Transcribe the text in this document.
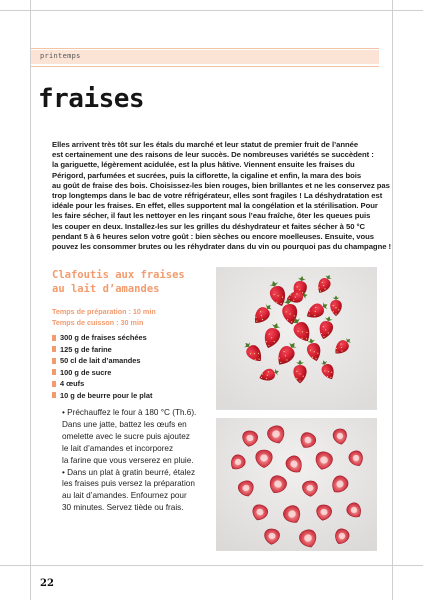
printemps
fraises
Elles arrivent très tôt sur les étals du marché et leur statut de premier fruit de l’année
est certainement une des raisons de leur succès. De nombreuses variétés se succèdent :
la gariguette, légèrement acidulée, est la plus hâtive. Viennent ensuite les fraises du
Périgord, parfumées et sucrées, puis la ciflorette, la cigaline et enfin, la mara des bois
au goût de fraise des bois. Choisissez-les bien rouges, bien brillantes et ne les conservez pas
trop longtemps dans le bac de votre réfrigérateur, elles sont fragiles ! La déshydratation est
idéale pour les fraises. En effet, elles supportent mal la congélation et la stérilisation. Pour
les faire sécher, il faut les nettoyer en les rinçant sous l’eau fraîche, ôter les queues puis
les couper en deux. Installez-les sur les grilles du déshydrateur et faites sécher à 50 °C
pendant 5 à 6 heures selon votre goût : bien sèches ou encore moelleuses. Ensuite, vous
pouvez les consommer brutes ou les réhydrater dans du vin ou pourquoi pas du champagne !
Clafoutis aux fraises
au lait d’amandes
Temps de préparation : 10 min
Temps de cuisson : 30 min
300 g de fraises séchées
125 g de farine
50 cl de lait d’amandes
100 g de sucre
4 œufs
10 g de beurre pour le plat
• Préchauffez le four à 180 °C (Th.6).
Dans une jatte, battez les œufs en
omelette avec le sucre puis ajoutez
le lait d’amandes et incorporez
la farine que vous verserez en pluie.
• Dans un plat à gratin beurré, étalez
les fraises puis versez la préparation
au lait d’amandes. Enfournez pour
30 minutes. Servez tiède ou frais.
22
